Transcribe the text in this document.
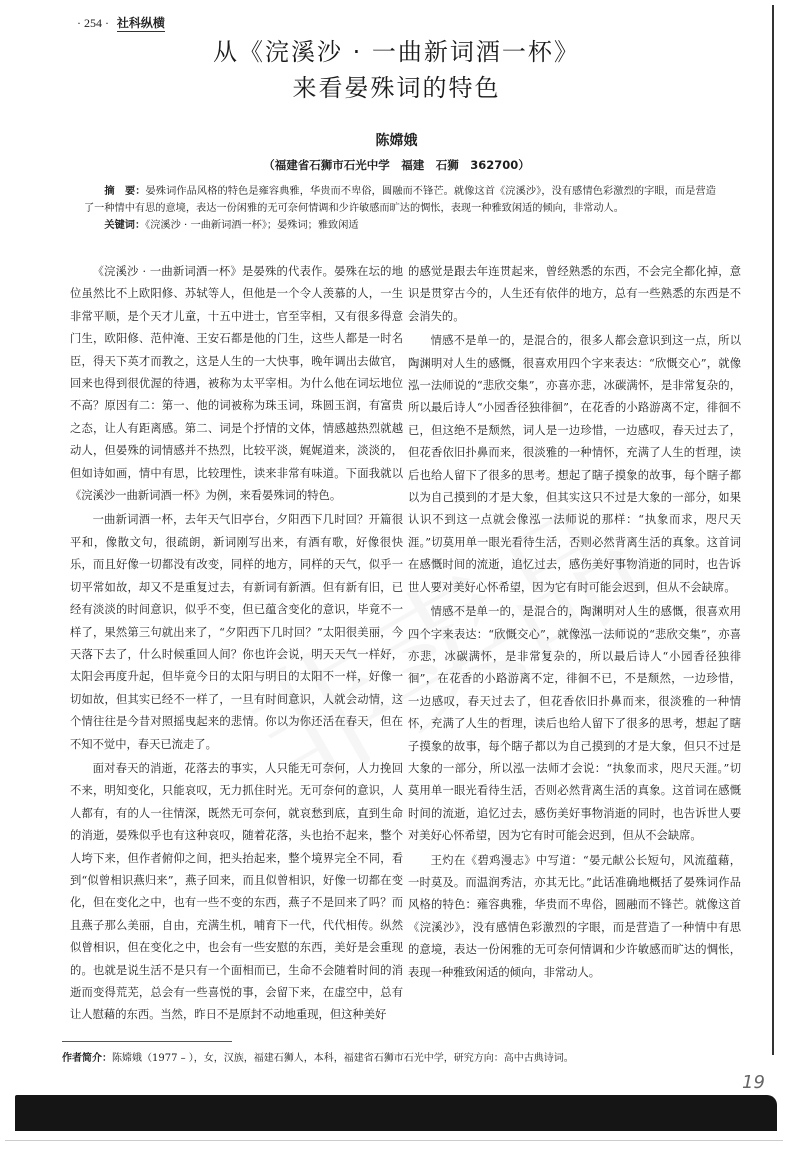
· 254 · 社科纵横
从《浣溪沙 · 一曲新词酒一杯》
来看晏殊词的特色
陈嫦娥
（福建省石狮市石光中学　福建　石狮　362700）

摘　要：晏殊词作品风格的特色是雍容典雅，华贵而不卑俗，圆融而不锋芒。就像这首《浣溪沙》，没有感情色彩激烈的字眼，而是营造了一种情中有思的意境，表达一份闲雅的无可奈何情调和少许敏感而旷达的惆怅，表现一种雅致闲适的倾向，非常动人。

关键词：《浣溪沙 · 一曲新词酒一杯》；晏殊词；雅致闲适

《浣溪沙 · 一曲新词酒一杯》是晏殊的代表作。晏殊在坛的地位虽然比不上欧阳修、苏轼等人，但他是一个令人羡慕的人，一生非常平顺，是个天才儿童，十五中进士，官至宰相，又有很多得意门生，欧阳修、范仲淹、王安石都是他的门生，这些人都是一时名臣，得天下英才而教之，这是人生的一大快事，晚年调出去做官，回来也得到很优渥的待遇，被称为太平宰相。为什么他在词坛地位不高？原因有二：第一、他的词被称为珠玉词，珠圆玉润，有富贵之态，让人有距离感。第二、词是个抒情的文体，情感越热烈就越动人，但晏殊的词情感并不热烈，比较平淡，娓娓道来，淡淡的，但如诗如画，情中有思，比较理性，读来非常有味道。下面我就以《浣溪沙一曲新词酒一杯》为例，来看晏殊词的特色。

一曲新词酒一杯，去年天气旧亭台，夕阳西下几时回？开篇很平和，像散文句，很疏朗，新词刚写出来，有酒有歌，好像很快乐，而且好像一切都没有改变，同样的地方，同样的天气，似乎一切平常如故，却又不是重复过去，有新词有新酒。但有新有旧，已经有淡淡的时间意识，似乎不变，但已蕴含变化的意识，毕竟不一样了，果然第三句就出来了，“夕阳西下几时回？”太阳很美丽，今天落下去了，什么时候重回人间？你也许会说，明天天气一样好，太阳会再度升起，但毕竟今日的太阳与明日的太阳不一样，好像一切如故，但其实已经不一样了，一旦有时间意识，人就会动情，这个情往往是今昔对照摇曳起来的悲情。你以为你还活在春天，但在不知不觉中，春天已流走了。

面对春天的消逝，花落去的事实，人只能无可奈何，人力挽回不来，明知变化，只能哀叹，无力抓住时光。无可奈何的意识，人人都有，有的人一往情深，既然无可奈何，就哀愁到底，直到生命的消逝，晏殊似乎也有这种哀叹，随着花落，头也抬不起来，整个人垮下来，但作者俯仰之间，把头抬起来，整个境界完全不同，看到“似曾相识燕归来”，燕子回来，而且似曾相识，好像一切都在变化，但在变化之中，也有一些不变的东西，燕子不是回来了吗？而且燕子那么美丽，自由，充满生机，哺育下一代，代代相传。纵然似曾相识，但在变化之中，也会有一些安慰的东西，美好是会重现的。也就是说生活不是只有一个面相而已，生命不会随着时间的消逝而变得荒芜，总会有一些喜悦的事，会留下来，在虚空中，总有让人慰藉的东西。当然，昨日不是原封不动地重现，但这种美好

的感觉是跟去年连贯起来，曾经熟悉的东西，不会完全都化掉，意识是贯穿古今的，人生还有依伴的地方，总有一些熟悉的东西是不会消失的。

情感不是单一的，是混合的，很多人都会意识到这一点，所以陶渊明对人生的感慨，很喜欢用四个字来表达：“欣慨交心”，就像泓一法师说的“悲欣交集”，亦喜亦悲，冰碳满怀，是非常复杂的，所以最后诗人“小园香径独徘徊”，在花香的小路游离不定，徘徊不已，但这绝不是颓然，词人是一边珍惜，一边感叹，春天过去了，但花香依旧扑鼻而来，很淡雅的一种情怀，充满了人生的哲理，读后也给人留下了很多的思考。想起了瞎子摸象的故事，每个瞎子都以为自己摸到的才是大象，但其实这只不过是大象的一部分，如果认识不到这一点就会像泓一法师说的那样：“执象而求，咫尺天涯。”切莫用单一眼光看待生活，否则必然背离生活的真象。这首词在感慨时间的流逝，追忆过去，感伤美好事物消逝的同时，也告诉世人要对美好心怀希望，因为它有时可能会迟到，但从不会缺席。

情感不是单一的，是混合的，陶渊明对人生的感慨，很喜欢用四个字来表达：“欣慨交心”，就像泓一法师说的“悲欣交集”，亦喜亦悲，冰碳满怀，是非常复杂的，所以最后诗人“小园香径独徘徊”，在花香的小路游离不定，徘徊不已，不是颓然，一边珍惜，一边感叹，春天过去了，但花香依旧扑鼻而来，很淡雅的一种情怀，充满了人生的哲理，读后也给人留下了很多的思考，想起了瞎子摸象的故事，每个瞎子都以为自己摸到的才是大象，但只不过是大象的一部分，所以泓一法师才会说：“执象而求，咫尺天涯。”切莫用单一眼光看待生活，否则必然背离生活的真象。这首词在感慨时间的流逝，追忆过去，感伤美好事物消逝的同时，也告诉世人要对美好心怀希望，因为它有时可能会迟到，但从不会缺席。

王灼在《碧鸡漫志》中写道：“晏元献公长短句，风流蕴藉，一时莫及。而温润秀洁，亦其无比。”此话准确地概括了晏殊词作品风格的特色：雍容典雅，华贵而不卑俗，圆融而不锋芒。就像这首《浣溪沙》，没有感情色彩激烈的字眼，而是营造了一种情中有思的意境，表达一份闲雅的无可奈何情调和少许敏感而旷达的惆怅，表现一种雅致闲适的倾向，非常动人。

作者简介：陈嫦娥（1977 – ），女，汉族，福建石狮人，本科，福建省石狮市石光中学，研究方向：高中古典诗词。
19
